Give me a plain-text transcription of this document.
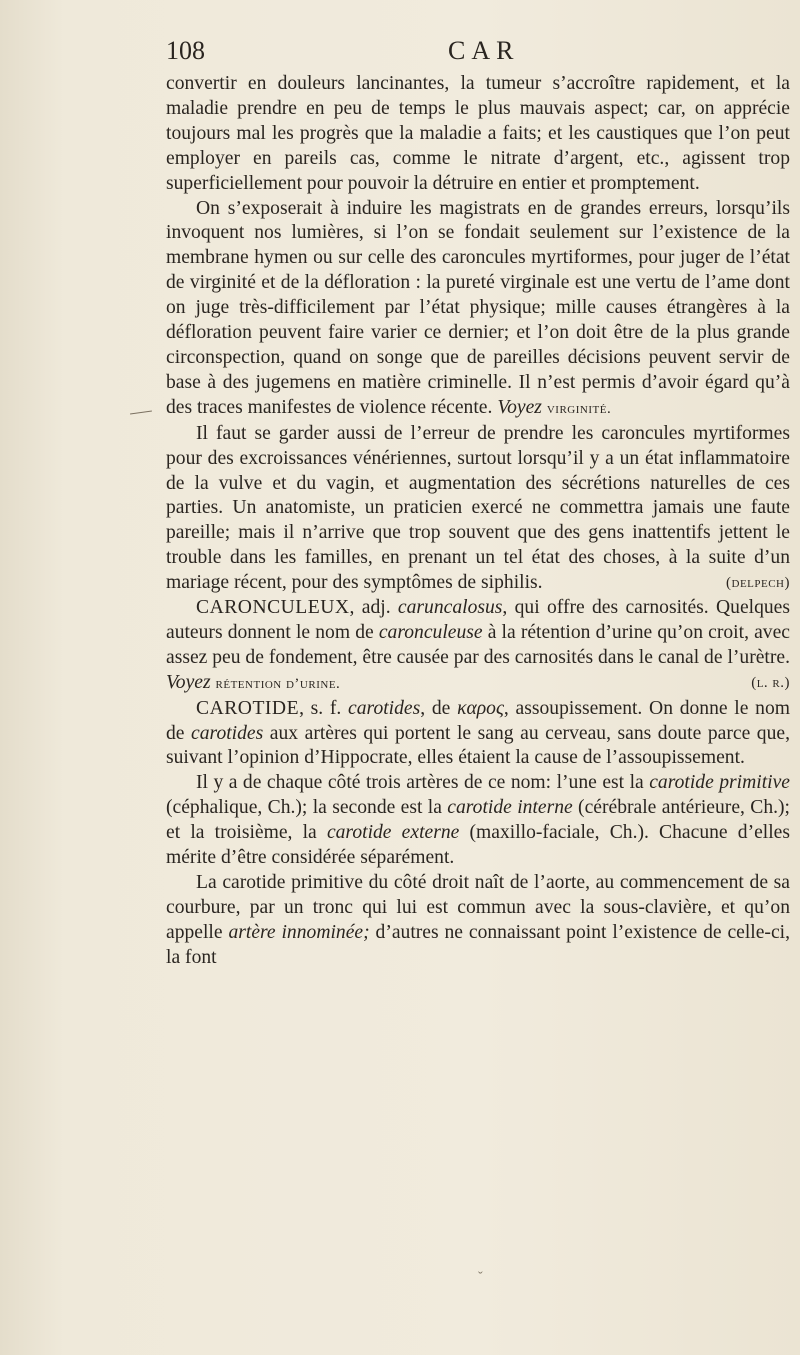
108	CAR

convertir en douleurs lancinantes, la tumeur s’accroître rapidement, et la maladie prendre en peu de temps le plus mauvais aspect; car, on apprécie toujours mal les progrès que la maladie a faits; et les caustiques que l’on peut employer en pareils cas, comme le nitrate d’argent, etc., agissent trop superficiellement pour pouvoir la détruire en entier et promptement.

On s’exposerait à induire les magistrats en de grandes erreurs, lorsqu’ils invoquent nos lumières, si l’on se fondait seulement sur l’existence de la membrane hymen ou sur celle des caroncules myrtiformes, pour juger de l’état de virginité et de la défloration : la pureté virginale est une vertu de l’ame dont on juge très-difficilement par l’état physique; mille causes étrangères à la défloration peuvent faire varier ce dernier; et l’on doit être de la plus grande circonspection, quand on songe que de pareilles décisions peuvent servir de base à des jugemens en matière criminelle. Il n’est permis d’avoir égard qu’à des traces manifestes de violence récente. Voyez virginité.

Il faut se garder aussi de l’erreur de prendre les caroncules myrtiformes pour des excroissances vénériennes, surtout lorsqu’il y a un état inflammatoire de la vulve et du vagin, et augmentation des sécrétions naturelles de ces parties. Un anatomiste, un praticien exercé ne commettra jamais une faute pareille; mais il n’arrive que trop souvent que des gens inattentifs jettent le trouble dans les familles, en prenant un tel état des choses, à la suite d’un mariage récent, pour des symptômes de siphilis.	(delpech)

CARONCULEUX, adj. caruncalosus, qui offre des carnosités. Quelques auteurs donnent le nom de caronculeuse à la rétention d’urine qu’on croit, avec assez peu de fondement, être causée par des carnosités dans le canal de l’urètre. Voyez rétention d’urine.	(l. r.)

CAROTIDE, s. f. carotides, de καρος, assoupissement. On donne le nom de carotides aux artères qui portent le sang au cerveau, sans doute parce que, suivant l’opinion d’Hippocrate, elles étaient la cause de l’assoupissement.

Il y a de chaque côté trois artères de ce nom: l’une est la carotide primitive (céphalique, Ch.); la seconde est la carotide interne (cérébrale antérieure, Ch.); et la troisième, la carotide externe (maxillo-faciale, Ch.). Chacune d’elles mérite d’être considérée séparément.

La carotide primitive du côté droit naît de l’aorte, au commencement de sa courbure, par un tronc qui lui est commun avec la sous-clavière, et qu’on appelle artère innominée; d’autres ne connaissant point l’existence de celle-ci, la font

ˇ
